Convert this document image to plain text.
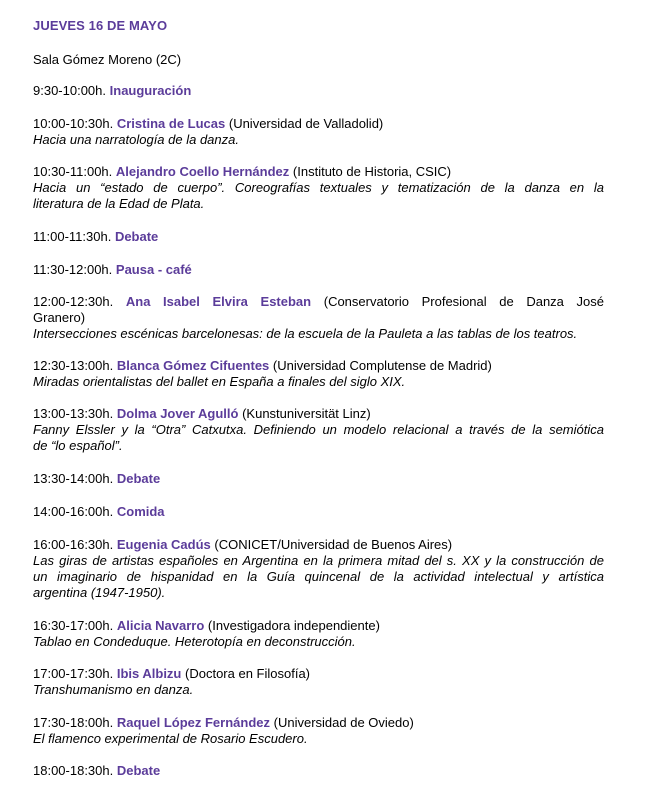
JUEVES 16 DE MAYO
Sala Gómez Moreno (2C)
9:30-10:00h. Inauguración
10:00-10:30h. Cristina de Lucas (Universidad de Valladolid)
Hacia una narratología de la danza.
10:30-11:00h. Alejandro Coello Hernández (Instituto de Historia, CSIC)
Hacia un “estado de cuerpo”. Coreografías textuales y tematización de la danza en la
literatura de la Edad de Plata.
11:00-11:30h. Debate
11:30-12:00h. Pausa - café
12:00-12:30h. Ana Isabel Elvira Esteban (Conservatorio Profesional de Danza José
Granero)
Intersecciones escénicas barcelonesas: de la escuela de la Pauleta a las tablas de los teatros.
12:30-13:00h. Blanca Gómez Cifuentes (Universidad Complutense de Madrid)
Miradas orientalistas del ballet en España a finales del siglo XIX.
13:00-13:30h. Dolma Jover Agulló (Kunstuniversität Linz)
Fanny Elssler y la “Otra” Catxutxa. Definiendo un modelo relacional a través de la semiótica
de “lo español”.
13:30-14:00h. Debate
14:00-16:00h. Comida
16:00-16:30h. Eugenia Cadús (CONICET/Universidad de Buenos Aires)
Las giras de artistas españoles en Argentina en la primera mitad del s. XX y la construcción de
un imaginario de hispanidad en la Guía quincenal de la actividad intelectual y artística
argentina (1947-1950).
16:30-17:00h. Alicia Navarro (Investigadora independiente)
Tablao en Condeduque. Heterotopía en deconstrucción.
17:00-17:30h. Ibis Albizu (Doctora en Filosofía)
Transhumanismo en danza.
17:30-18:00h. Raquel López Fernández (Universidad de Oviedo)
El flamenco experimental de Rosario Escudero.
18:00-18:30h. Debate
